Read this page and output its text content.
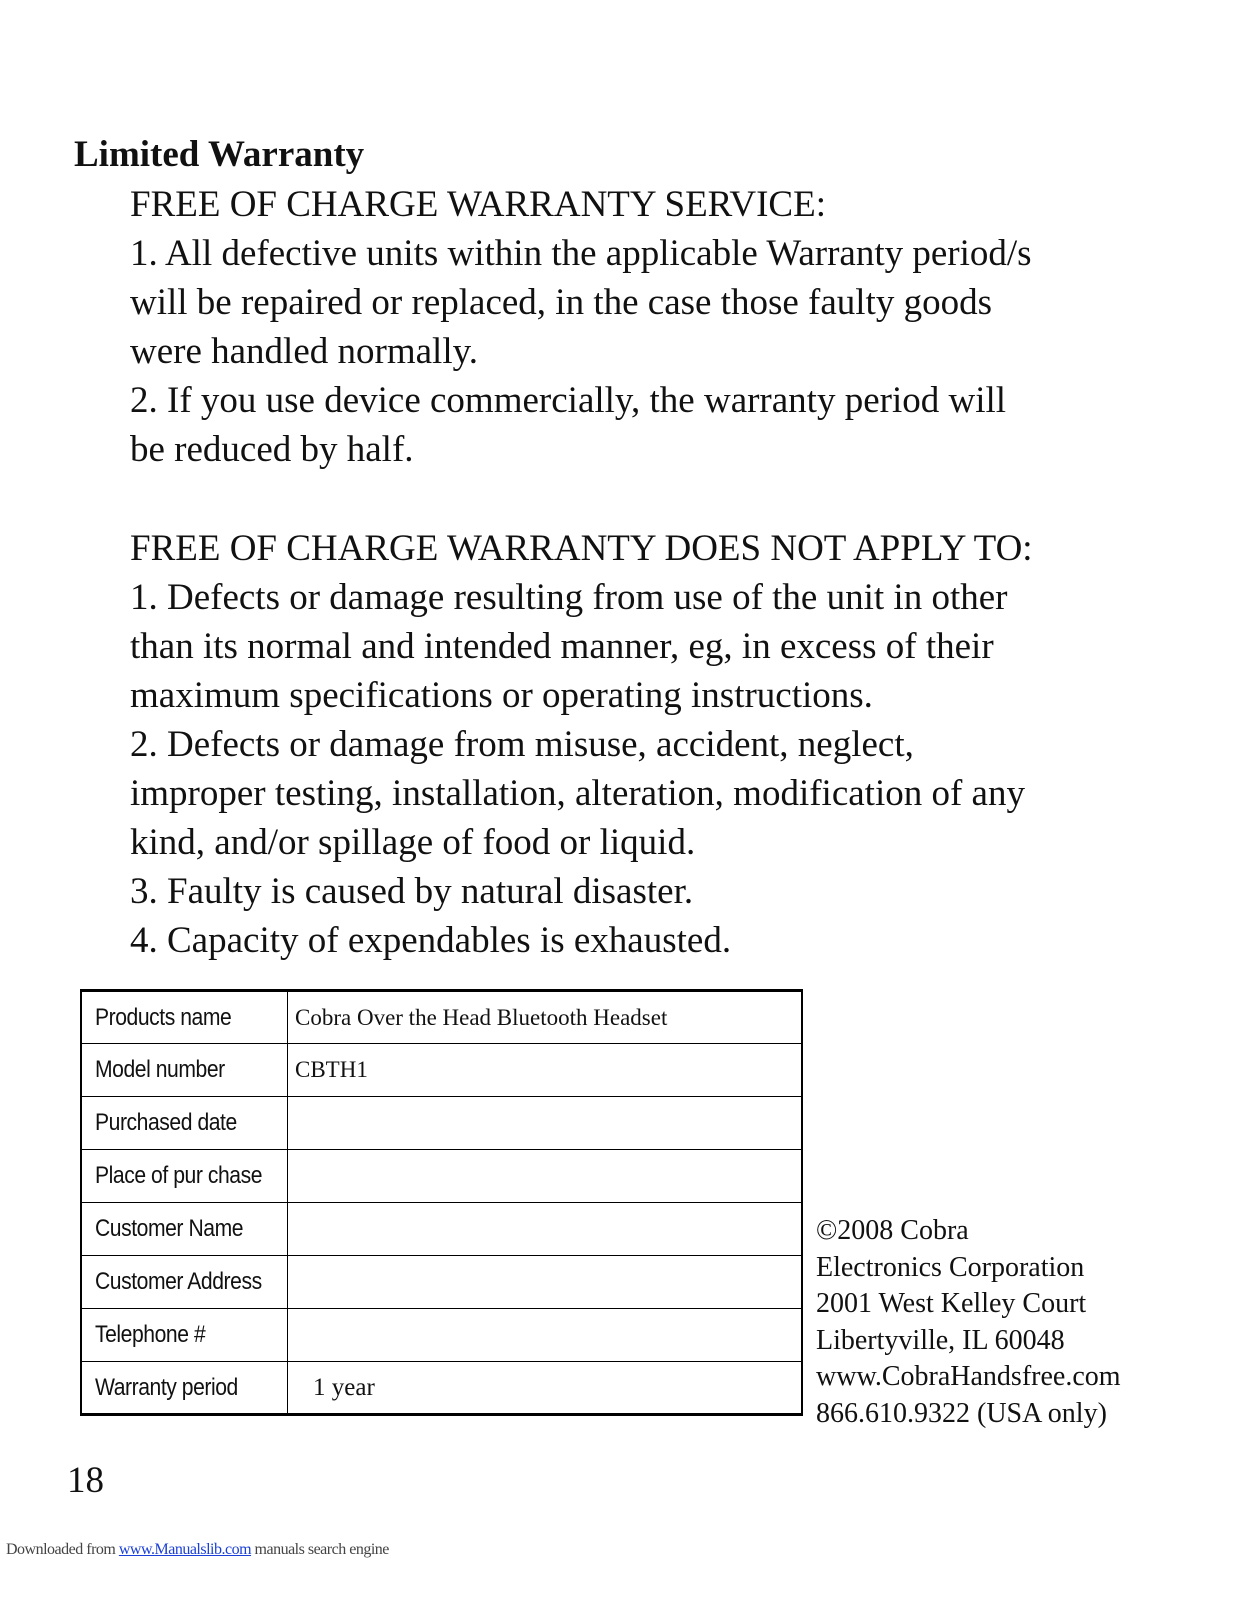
Limited Warranty

FREE OF CHARGE WARRANTY SERVICE:

1. All defective units within the applicable Warranty period/s

will be repaired or replaced, in the case those faulty goods

were handled normally.

2. If you use device commercially, the warranty period will

be reduced by half.

FREE OF CHARGE WARRANTY DOES NOT APPLY TO:

1. Defects or damage resulting from use of the unit in other

than its normal and intended manner, eg, in excess of their

maximum specifications or operating instructions.

2. Defects or damage from misuse, accident, neglect,

improper testing, installation, alteration, modification of any

kind, and/or spillage of food or liquid.

3. Faulty is caused by natural disaster.

4. Capacity of expendables is exhausted.

Products name	Cobra Over the Head Bluetooth Headset
Model number	CBTH1
Purchased date	
Place of pur chase	
Customer Name	
Customer Address	
Telephone #	
Warranty period	1 year
©2008 Cobra
Electronics Corporation
2001 West Kelley Court
Libertyville, IL 60048
www.CobraHandsfree.com
866.610.9322 (USA only)
18
Downloaded from www.Manualslib.com manuals search engine
